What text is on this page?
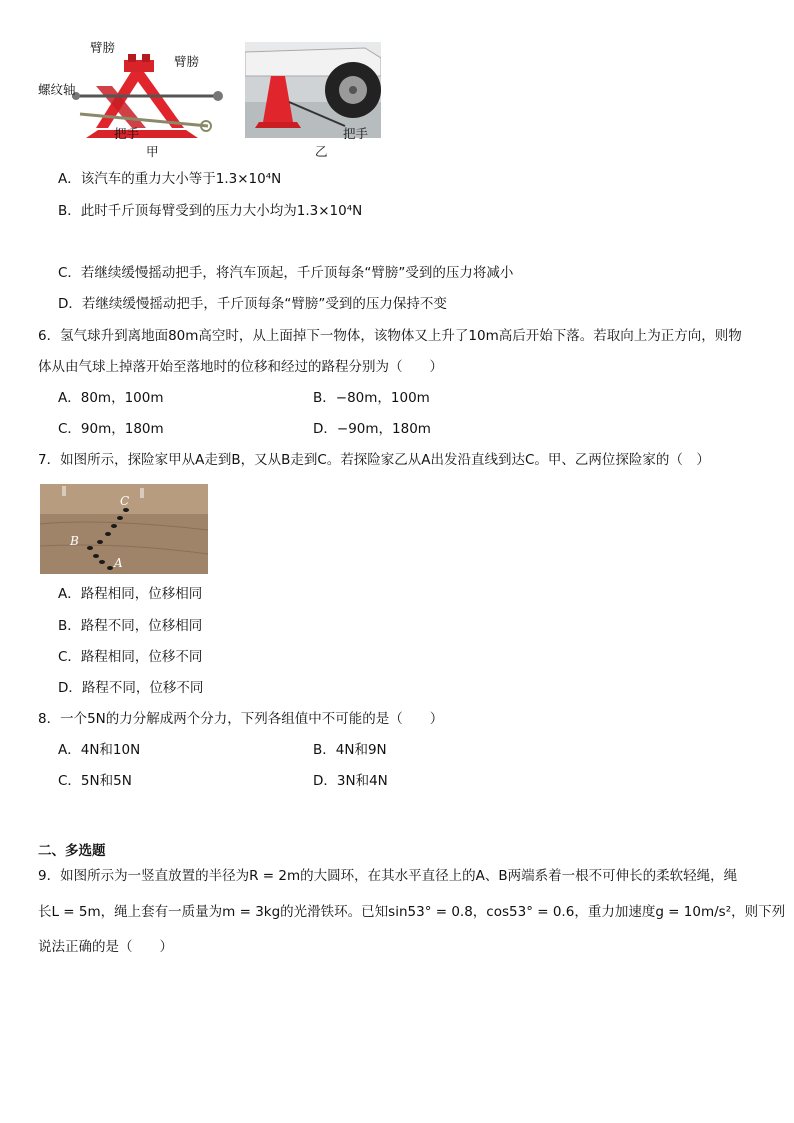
臂膀
臂膀
螺纹轴
把手
甲
把手
乙
A．该汽车的重力大小等于1.3×10⁴N
B．此时千斤顶每臂受到的压力大小均为1.3×10⁴N
C．若继续缓慢摇动把手，将汽车顶起，千斤顶每条“臂膀”受到的压力将减小
D．若继续缓慢摇动把手，千斤顶每条“臂膀”受到的压力保持不变
6．氢气球升到离地面80m高空时，从上面掉下一物体，该物体又上升了10m高后开始下落。若取向上为正方向，则物
体从由气球上掉落开始至落地时的位移和经过的路程分别为（　　）
A．80m，100m	B．−80m，100m
C．90m，180m	D．−90m，180m
7．如图所示，探险家甲从A走到B，又从B走到C。若探险家乙从A出发沿直线到达C。甲、乙两位探险家的（　）
A
B
C
A．路程相同，位移相同
B．路程不同，位移相同
C．路程相同，位移不同
D．路程不同，位移不同
8．一个5N的力分解成两个分力，下列各组值中不可能的是（　　）
A．4N和10N	B．4N和9N
C．5N和5N	D．3N和4N
二、多选题
9．如图所示为一竖直放置的半径为R = 2m的大圆环，在其水平直径上的A、B两端系着一根不可伸长的柔软轻绳，绳
长L = 5m，绳上套有一质量为m = 3kg的光滑铁环。已知sin53° = 0.8，cos53° = 0.6，重力加速度g = 10m/s²，则下列
说法正确的是（　　）
